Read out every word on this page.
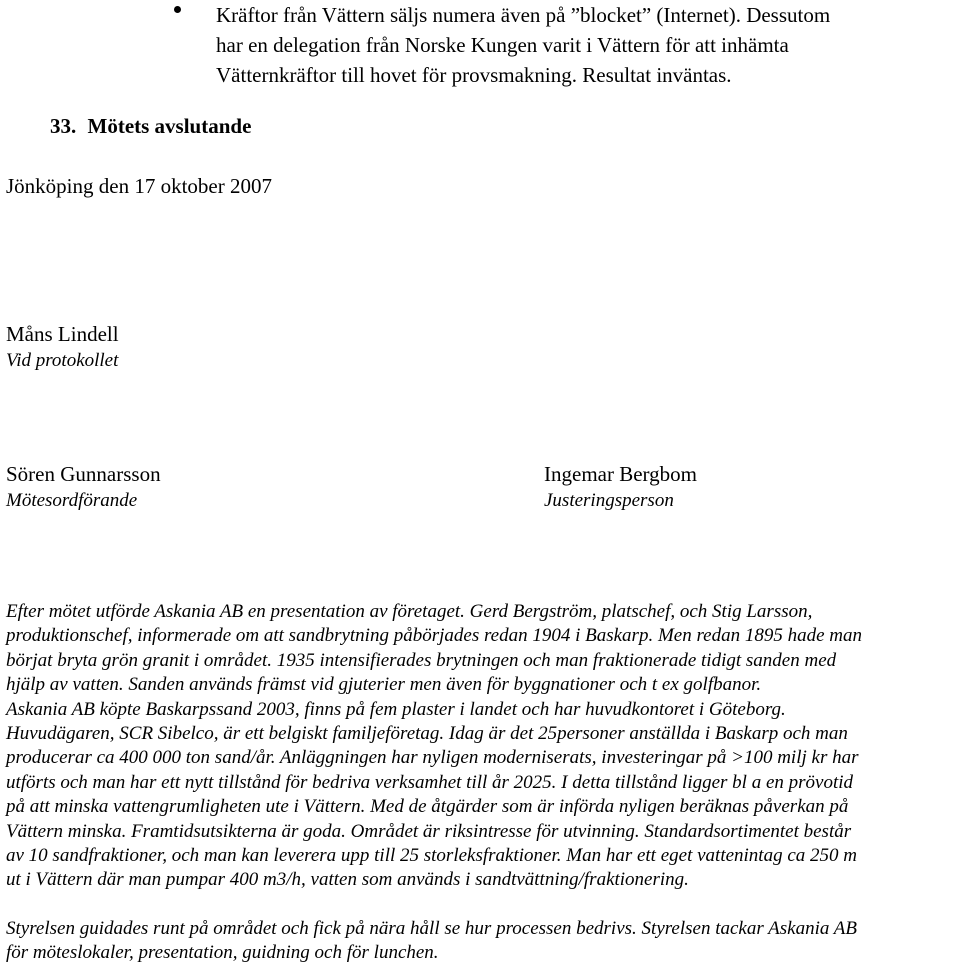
Kräftor från Vättern säljs numera även på ”blocket” (Internet). Dessutom
har en delegation från Norske Kungen varit i Vättern för att inhämta
Vätternkräftor till hovet för provsmakning. Resultat inväntas.
33. Mötets avslutande
Jönköping den 17 oktober 2007
Måns Lindell
Vid protokollet
Sören Gunnarsson
Mötesordförande
Ingemar Bergbom
Justeringsperson
Efter mötet utförde Askania AB en presentation av företaget. Gerd Bergström, platschef, och Stig Larsson,
produktionschef, informerade om att sandbrytning påbörjades redan 1904 i Baskarp. Men redan 1895 hade man
börjat bryta grön granit i området. 1935 intensifierades brytningen och man fraktionerade tidigt sanden med
hjälp av vatten. Sanden används främst vid gjuterier men även för byggnationer och t ex golfbanor.
Askania AB köpte Baskarpssand 2003, finns på fem plaster i landet och har huvudkontoret i Göteborg.
Huvudägaren, SCR Sibelco, är ett belgiskt familjeföretag. Idag är det 25personer anställda i Baskarp och man
producerar ca 400 000 ton sand/år. Anläggningen har nyligen moderniserats, investeringar på >100 milj kr har
utförts och man har ett nytt tillstånd för bedriva verksamhet till år 2025. I detta tillstånd ligger bl a en prövotid
på att minska vattengrumligheten ute i Vättern. Med de åtgärder som är införda nyligen beräknas påverkan på
Vättern minska. Framtidsutsikterna är goda. Området är riksintresse för utvinning. Standardsortimentet består
av 10 sandfraktioner, och man kan leverera upp till 25 storleksfraktioner. Man har ett eget vattenintag ca 250 m
ut i Vättern där man pumpar 400 m3/h, vatten som används i sandtvättning/fraktionering.
Styrelsen guidades runt på området och fick på nära håll se hur processen bedrivs. Styrelsen tackar Askania AB
för möteslokaler, presentation, guidning och för lunchen.
